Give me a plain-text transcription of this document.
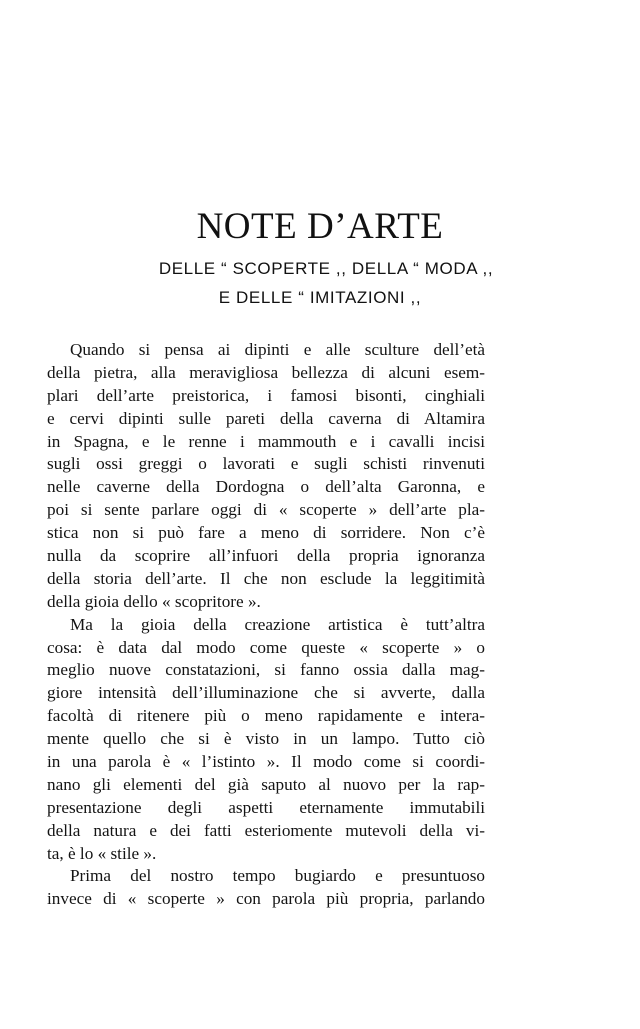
NOTE D’ARTE
DELLE “ SCOPERTE ,, DELLA “ MODA ,,
E DELLE “ IMITAZIONI ,,
Quando si pensa ai dipinti e alle sculture dell’età
della pietra, alla meravigliosa bellezza di alcuni esem-
plari dell’arte preistorica, i famosi bisonti, cinghiali
e cervi dipinti sulle pareti della caverna di Altamira
in Spagna, e le renne i mammouth e i cavalli incisi
sugli ossi greggi o lavorati e sugli schisti rinvenuti
nelle caverne della Dordogna o dell’alta Garonna, e
poi si sente parlare oggi di « scoperte » dell’arte pla-
stica non si può fare a meno di sorridere. Non c’è
nulla da scoprire all’infuori della propria ignoranza
della storia dell’arte. Il che non esclude la leggitimità
della gioia dello « scopritore ».
Ma la gioia della creazione artistica è tutt’altra
cosa: è data dal modo come queste « scoperte » o
meglio nuove constatazioni, si fanno ossia dalla mag-
giore intensità dell’illuminazione che si avverte, dalla
facoltà di ritenere più o meno rapidamente e intera-
mente quello che si è visto in un lampo. Tutto ciò
in una parola è « l’istinto ». Il modo come si coordi-
nano gli elementi del già saputo al nuovo per la rap-
presentazione degli aspetti eternamente immutabili
della natura e dei fatti esteriomente mutevoli della vi-
ta, è lo « stile ».
Prima del nostro tempo bugiardo e presuntuoso
invece di « scoperte » con parola più propria, parlando
